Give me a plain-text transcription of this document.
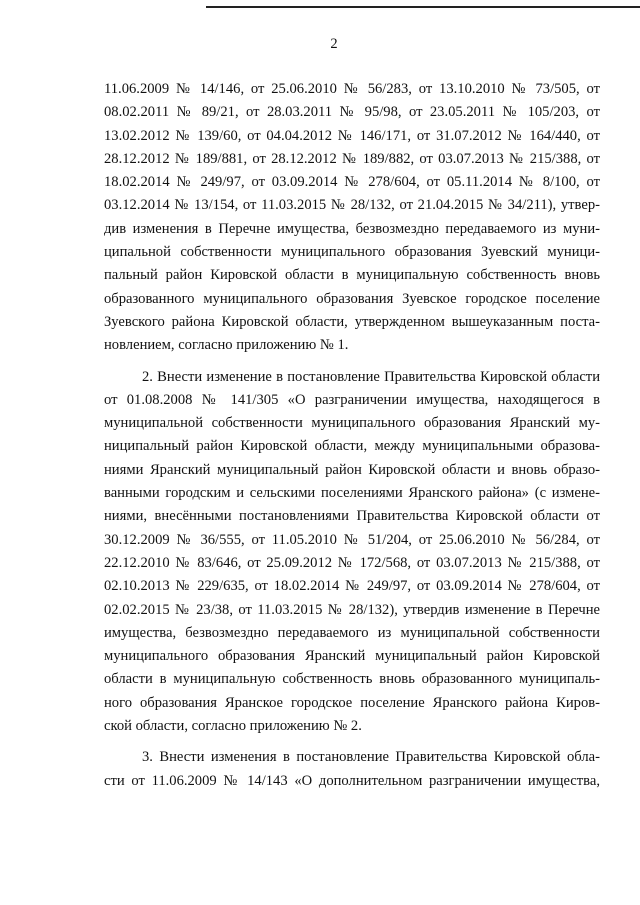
2
11.06.2009 № 14/146, от 25.06.2010 № 56/283, от 13.10.2010 № 73/505, от
08.02.2011 № 89/21, от 28.03.2011 № 95/98, от 23.05.2011 № 105/203, от
13.02.2012 № 139/60, от 04.04.2012 № 146/171, от 31.07.2012 № 164/440, от
28.12.2012 № 189/881, от 28.12.2012 № 189/882, от 03.07.2013 № 215/388, от
18.02.2014 № 249/97, от 03.09.2014 № 278/604, от 05.11.2014 № 8/100, от
03.12.2014 № 13/154, от 11.03.2015 № 28/132, от 21.04.2015 № 34/211), утвер-
див изменения в Перечне имущества, безвозмездно передаваемого из муни-
ципальной собственности муниципального образования Зуевский муници-
пальный район Кировской области в муниципальную собственность вновь
образованного муниципального образования Зуевское городское поселение
Зуевского района Кировской области, утвержденном вышеуказанным поста-
новлением, согласно приложению № 1.
2. Внести изменение в постановление Правительства Кировской области
от 01.08.2008 № 141/305 «О разграничении имущества, находящегося в
муниципальной собственности муниципального образования Яранский му-
ниципальный район Кировской области, между муниципальными образова-
ниями Яранский муниципальный район Кировской области и вновь образо-
ванными городским и сельскими поселениями Яранского района» (с измене-
ниями, внесёнными постановлениями Правительства Кировской области от
30.12.2009 № 36/555, от 11.05.2010 № 51/204, от 25.06.2010 № 56/284, от
22.12.2010 № 83/646, от 25.09.2012 № 172/568, от 03.07.2013 № 215/388, от
02.10.2013 № 229/635, от 18.02.2014 № 249/97, от 03.09.2014 № 278/604, от
02.02.2015 № 23/38, от 11.03.2015 № 28/132), утвердив изменение в Перечне
имущества, безвозмездно передаваемого из муниципальной собственности
муниципального образования Яранский муниципальный район Кировской
области в муниципальную собственность вновь образованного муниципаль-
ного образования Яранское городское поселение Яранского района Киров-
ской области, согласно приложению № 2.
3. Внести изменения в постановление Правительства Кировской обла-
сти от 11.06.2009 № 14/143 «О дополнительном разграничении имущества,
